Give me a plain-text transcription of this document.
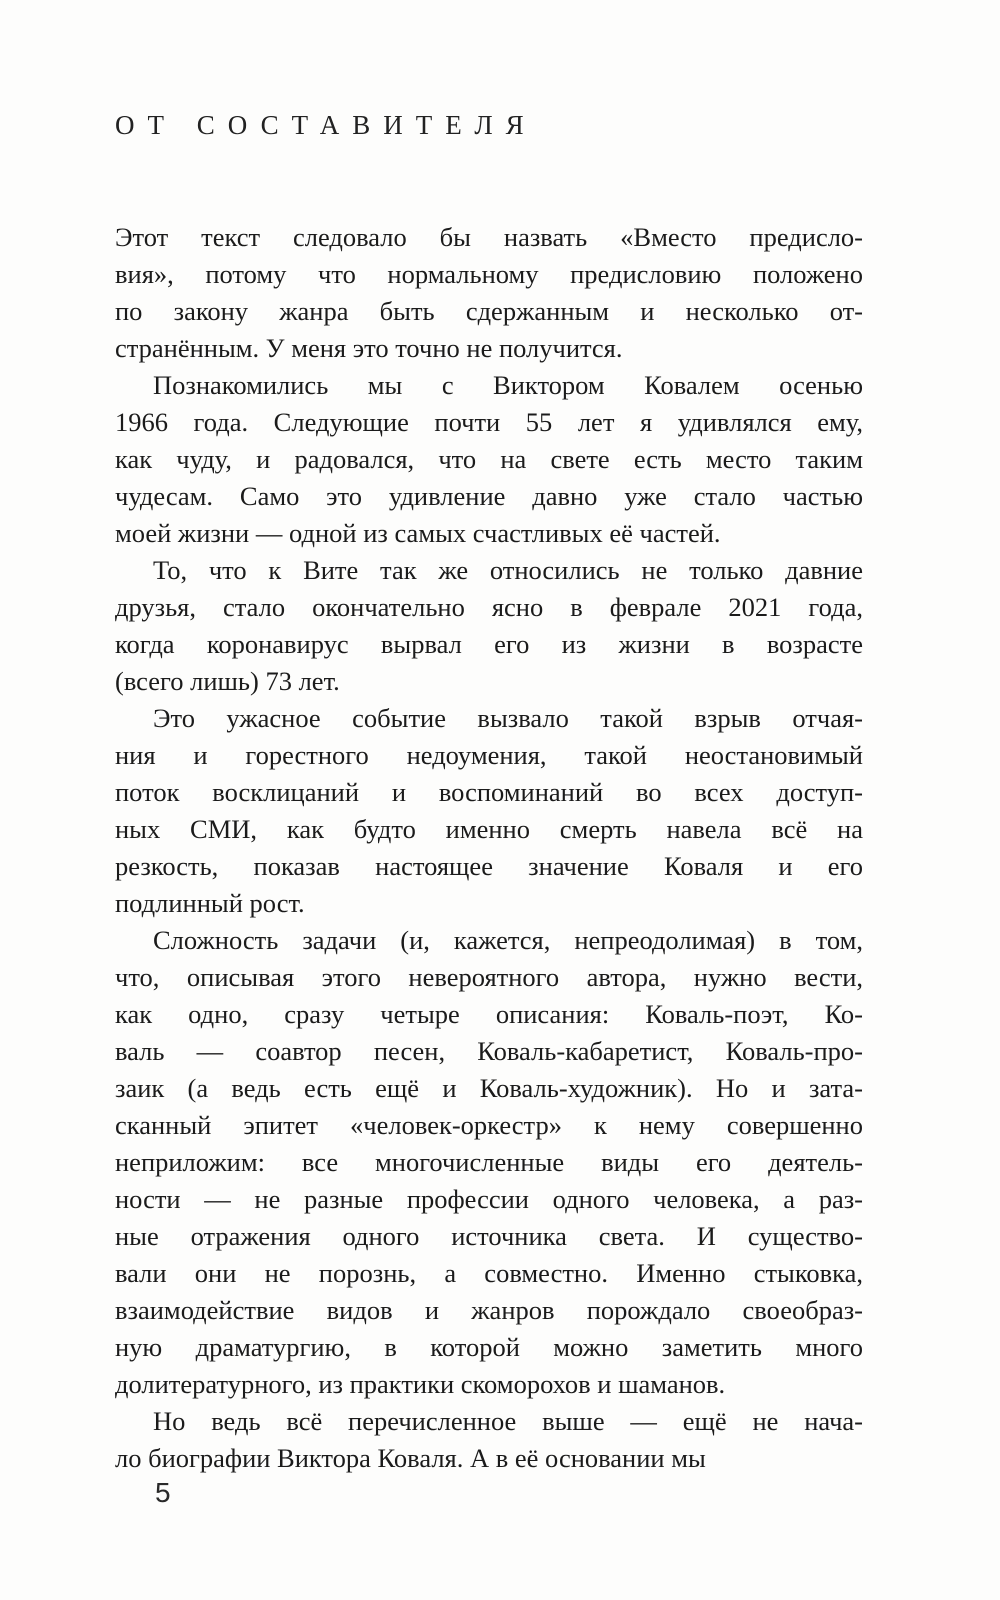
ОТ СОСТАВИТЕЛЯ
Этот текст следовало бы назвать «Вместо предисло-
вия», потому что нормальному предисловию положено
по закону жанра быть сдержанным и несколько от-
странённым. У меня это точно не получится.
Познакомились мы с Виктором Ковалем осенью
1966 года. Следующие почти 55 лет я удивлялся ему,
как чуду, и радовался, что на свете есть место таким
чудесам. Само это удивление давно уже стало частью
моей жизни — одной из самых счастливых её частей.
То, что к Вите так же относились не только давние
друзья, стало окончательно ясно в феврале 2021 года,
когда коронавирус вырвал его из жизни в возрасте
(всего лишь) 73 лет.
Это ужасное событие вызвало такой взрыв отчая-
ния и горестного недоумения, такой неостановимый
поток восклицаний и воспоминаний во всех доступ-
ных СМИ, как будто именно смерть навела всё на
резкость, показав настоящее значение Коваля и его
подлинный рост.
Сложность задачи (и, кажется, непреодолимая) в том,
что, описывая этого невероятного автора, нужно вести,
как одно, сразу четыре описания: Коваль-поэт, Ко-
валь — соавтор песен, Коваль-кабаретист, Коваль-про-
заик (а ведь есть ещё и Коваль-художник). Но и зата-
сканный эпитет «человек-оркестр» к нему совершенно
неприложим: все многочисленные виды его деятель-
ности — не разные профессии одного человека, а раз-
ные отражения одного источника света. И существо-
вали они не порознь, а совместно. Именно стыковка,
взаимодействие видов и жанров порождало своеобраз-
ную драматургию, в которой можно заметить много
долитературного, из практики скоморохов и шаманов.
Но ведь всё перечисленное выше — ещё не нача-
ло биографии Виктора Коваля. А в её основании мы
5
